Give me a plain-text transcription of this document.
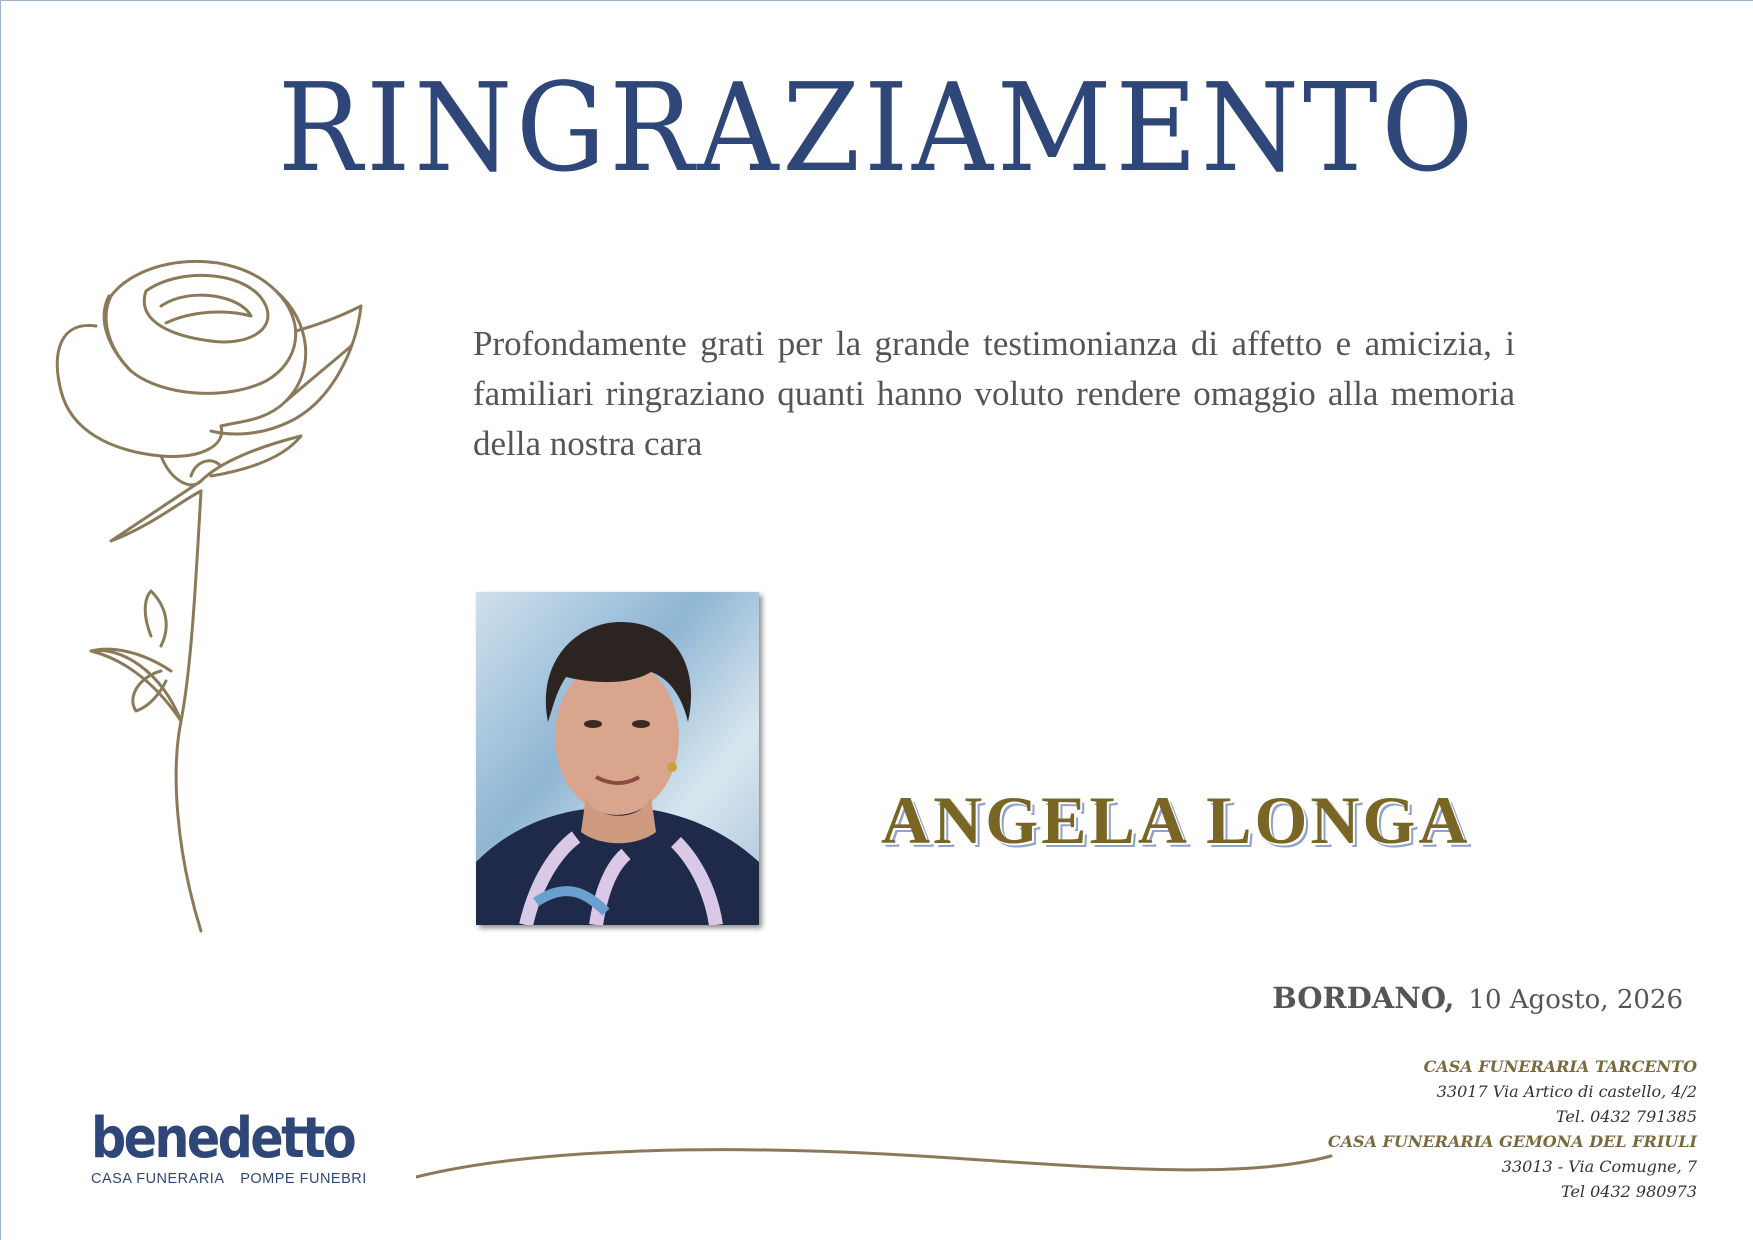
RINGRAZIAMENTO
Profondamente grati per la grande testimonianza di affetto e amicizia, i familiari ringraziano quanti hanno voluto rendere omaggio alla memoria della nostra cara
ANGELA LONGA
BORDANO, 10 Agosto, 2026
CASA FUNERARIA TARCENTO
33017 Via Artico di castello, 4/2
Tel. 0432 791385
CASA FUNERARIA GEMONA DEL FRIULI
33013 - Via Comugne, 7
Tel 0432 980973
benedetto
CASA FUNERARIA POMPE FUNEBRI
